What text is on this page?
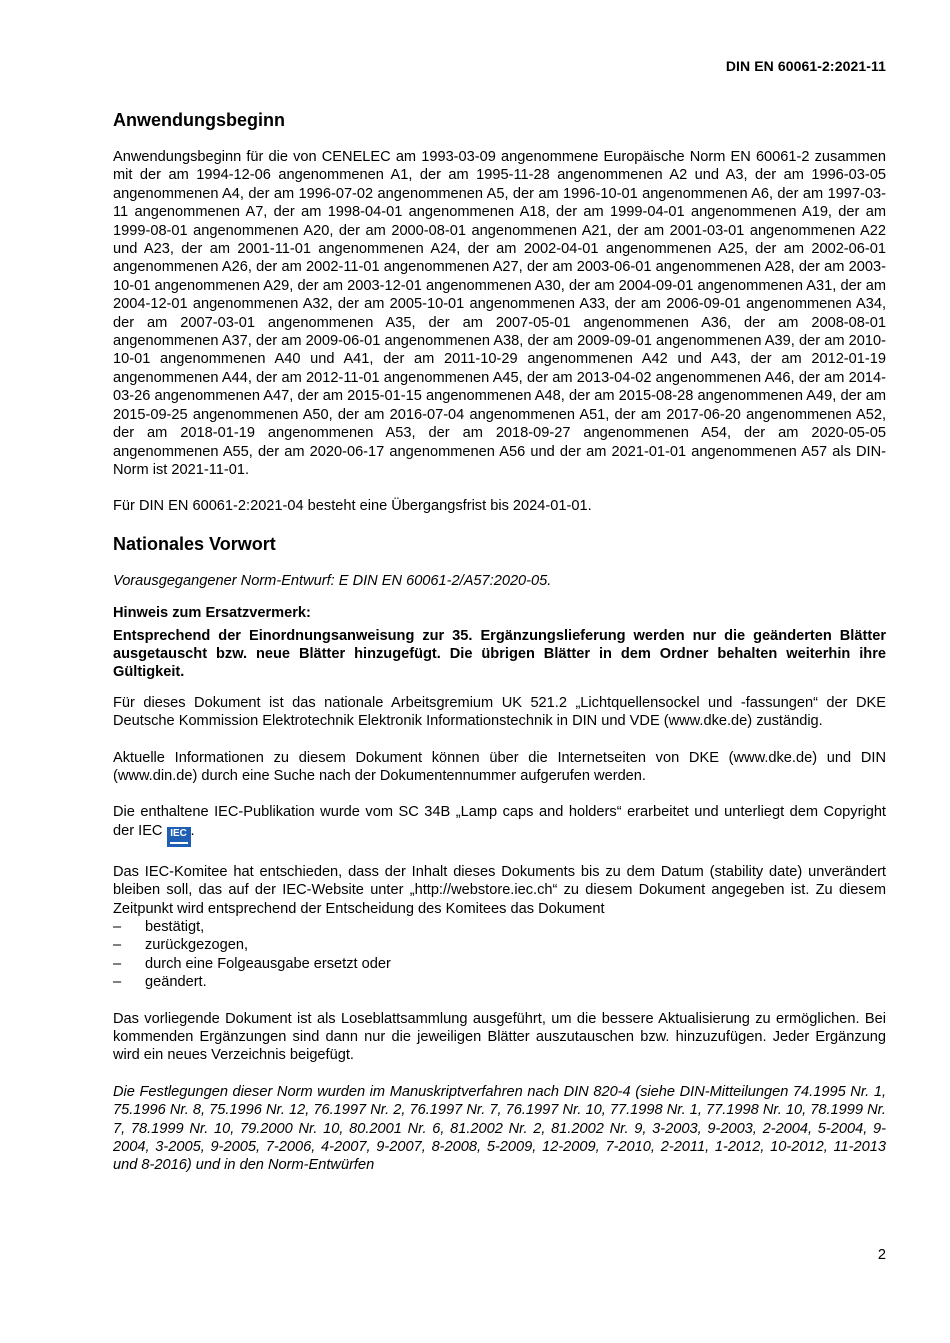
DIN EN 60061-2:2021-11
Anwendungsbeginn

Anwendungsbeginn für die von CENELEC am 1993-03-09 angenommene Europäische Norm EN 60061-2 zusammen mit der am 1994-12-06 angenommenen A1, der am 1995-11-28 angenommenen A2 und A3, der am 1996-03-05 angenommenen A4, der am 1996-07-02 angenommenen A5, der am 1996-10-01 angenommenen A6, der am 1997-03-11 angenommenen A7, der am 1998-04-01 angenommenen A18, der am 1999-04-01 angenommenen A19, der am 1999-08-01 angenommenen A20, der am 2000-08-01 angenommenen A21, der am 2001-03-01 angenommenen A22 und A23, der am 2001-11-01 angenommenen A24, der am 2002-04-01 angenommenen A25, der am 2002-06-01 angenommenen A26, der am 2002-11-01 angenommenen A27, der am 2003-06-01 angenommenen A28, der am 2003-10-01 angenommenen A29, der am 2003-12-01 angenommenen A30, der am 2004-09-01 angenommenen A31, der am 2004-12-01 angenommenen A32, der am 2005-10-01 angenommenen A33, der am 2006-09-01 angenommenen A34, der am 2007-03-01 angenommenen A35, der am 2007-05-01 angenommenen A36, der am 2008-08-01 angenommenen A37, der am 2009-06-01 angenommenen A38, der am 2009-09-01 angenommenen A39, der am 2010-10-01 angenommenen A40 und A41, der am 2011-10-29 angenommenen A42 und A43, der am 2012-01-19 angenommenen A44, der am 2012-11-01 angenommenen A45, der am 2013-04-02 angenommenen A46, der am 2014-03-26 angenommenen A47, der am 2015-01-15 angenommenen A48, der am 2015-08-28 angenommenen A49, der am 2015-09-25 angenommenen A50, der am 2016-07-04 angenommenen A51, der am 2017-06-20 angenommenen A52, der am 2018-01-19 angenommenen A53, der am 2018-09-27 angenommenen A54, der am 2020-05-05 angenommenen A55, der am 2020-06-17 angenommenen A56 und der am 2021-01-01 angenommenen A57 als DIN-Norm ist 2021-11-01.

Für DIN EN 60061-2:2021-04 besteht eine Übergangsfrist bis 2024-01-01.

Nationales Vorwort

Vorausgegangener Norm-Entwurf: E DIN EN 60061-2/A57:2020-05.

Hinweis zum Ersatzvermerk:

Entsprechend der Einordnungsanweisung zur 35. Ergänzungslieferung werden nur die geänderten Blätter ausgetauscht bzw. neue Blätter hinzugefügt. Die übrigen Blätter in dem Ordner behalten weiterhin ihre Gültigkeit.

Für dieses Dokument ist das nationale Arbeitsgremium UK 521.2 „Lichtquellensockel und -fassungen“ der DKE Deutsche Kommission Elektrotechnik Elektronik Informationstechnik in DIN und VDE (www.dke.de) zuständig.

Aktuelle Informationen zu diesem Dokument können über die Internetseiten von DKE (www.dke.de) und DIN (www.din.de) durch eine Suche nach der Dokumentennummer aufgerufen werden.

Die enthaltene IEC-Publikation wurde vom SC 34B „Lamp caps and holders“ erarbeitet und unterliegt dem Copyright der IEC IEC .

Das IEC-Komitee hat entschieden, dass der Inhalt dieses Dokuments bis zu dem Datum (stability date) unverändert bleiben soll, das auf der IEC-Website unter „http://webstore.iec.ch“ zu diesem Dokument angegeben ist. Zu diesem Zeitpunkt wird entsprechend der Entscheidung des Komitees das Dokument

– bestätigt,
– zurückgezogen,
– durch eine Folgeausgabe ersetzt oder
– geändert.

Das vorliegende Dokument ist als Loseblattsammlung ausgeführt, um die bessere Aktualisierung zu ermöglichen. Bei kommenden Ergänzungen sind dann nur die jeweiligen Blätter auszutauschen bzw. hinzuzufügen. Jeder Ergänzung wird ein neues Verzeichnis beigefügt.

Die Festlegungen dieser Norm wurden im Manuskriptverfahren nach DIN 820-4 (siehe DIN-Mitteilungen 74.1995 Nr. 1, 75.1996 Nr. 8, 75.1996 Nr. 12, 76.1997 Nr. 2, 76.1997 Nr. 7, 76.1997 Nr. 10, 77.1998 Nr. 1, 77.1998 Nr. 10, 78.1999 Nr. 7, 78.1999 Nr. 10, 79.2000 Nr. 10, 80.2001 Nr. 6, 81.2002 Nr. 2, 81.2002 Nr. 9, 3-2003, 9-2003, 2-2004, 5-2004, 9-2004, 3-2005, 9-2005, 7-2006, 4-2007, 9-2007, 8-2008, 5-2009, 12-2009, 7-2010, 2-2011, 1-2012, 10-2012, 11-2013 und 8-2016) und in den Norm-Entwürfen

2
